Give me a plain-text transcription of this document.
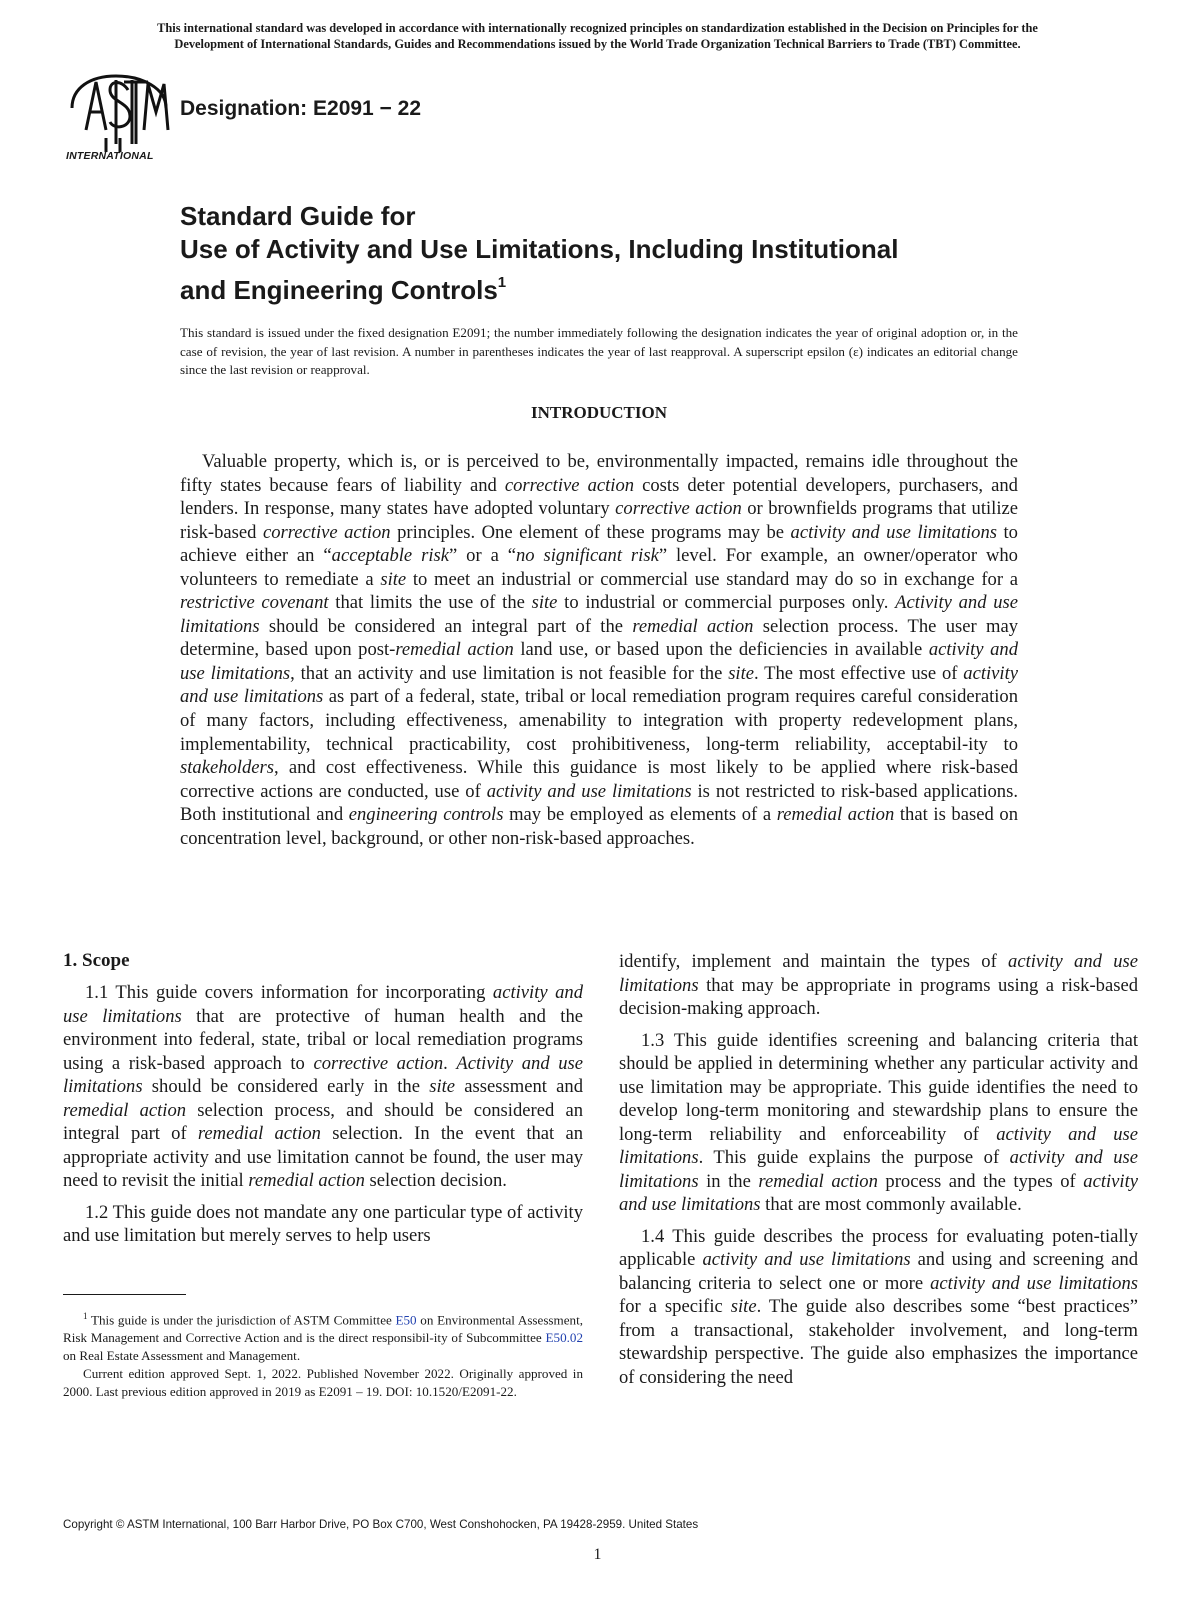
This international standard was developed in accordance with internationally recognized principles on standardization established in the Decision on Principles for the
Development of International Standards, Guides and Recommendations issued by the World Trade Organization Technical Barriers to Trade (TBT) Committee.
INTERNATIONAL
Designation: E2091 − 22
Standard Guide for
Use of Activity and Use Limitations, Including Institutional
and Engineering Controls$^1$
This standard is issued under the fixed designation E2091; the number immediately following the designation indicates the year of original adoption or, in the case of revision, the year of last revision. A number in parentheses indicates the year of last reapproval. A superscript epsilon (ε) indicates an editorial change since the last revision or reapproval.
INTRODUCTION
Valuable property, which is, or is perceived to be, environmentally impacted, remains idle throughout the fifty states because fears of liability and corrective action costs deter potential developers, purchasers, and lenders. In response, many states have adopted voluntary corrective action or brownfields programs that utilize risk-based corrective action principles. One element of these programs may be activity and use limitations to achieve either an “acceptable risk” or a “no significant risk” level. For example, an owner/operator who volunteers to remediate a site to meet an industrial or commercial use standard may do so in exchange for a restrictive covenant that limits the use of the site to industrial or commercial purposes only. Activity and use limitations should be considered an integral part of the remedial action selection process. The user may determine, based upon post-remedial action land use, or based upon the deficiencies in available activity and use limitations, that an activity and use limitation is not feasible for the site. The most effective use of activity and use limitations as part of a federal, state, tribal or local remediation program requires careful consideration of many factors, including effectiveness, amenability to integration with property redevelopment plans, implementability, technical practicability, cost prohibitiveness, long-term reliability, acceptabil-ity to stakeholders, and cost effectiveness. While this guidance is most likely to be applied where risk-based corrective actions are conducted, use of activity and use limitations is not restricted to risk-based applications. Both institutional and engineering controls may be employed as elements of a remedial action that is based on concentration level, background, or other non-risk-based approaches.
1. Scope

1.1 This guide covers information for incorporating activity and use limitations that are protective of human health and the environment into federal, state, tribal or local remediation programs using a risk-based approach to corrective action. Activity and use limitations should be considered early in the site assessment and remedial action selection process, and should be considered an integral part of remedial action selection. In the event that an appropriate activity and use limitation cannot be found, the user may need to revisit the initial remedial action selection decision.

1.2 This guide does not mandate any one particular type of activity and use limitation but merely serves to help users

$^1$ This guide is under the jurisdiction of ASTM Committee E50 on Environmental Assessment, Risk Management and Corrective Action and is the direct responsibil-ity of Subcommittee E50.02 on Real Estate Assessment and Management.

Current edition approved Sept. 1, 2022. Published November 2022. Originally approved in 2000. Last previous edition approved in 2019 as E2091 – 19. DOI: 10.1520/E2091-22.

identify, implement and maintain the types of activity and use limitations that may be appropriate in programs using a risk-based decision-making approach.

1.3 This guide identifies screening and balancing criteria that should be applied in determining whether any particular activity and use limitation may be appropriate. This guide identifies the need to develop long-term monitoring and stewardship plans to ensure the long-term reliability and enforceability of activity and use limitations. This guide explains the purpose of activity and use limitations in the remedial action process and the types of activity and use limitations that are most commonly available.

1.4 This guide describes the process for evaluating poten-tially applicable activity and use limitations and using and screening and balancing criteria to select one or more activity and use limitations for a specific site. The guide also describes some “best practices” from a transactional, stakeholder involvement, and long-term stewardship perspective. The guide also emphasizes the importance of considering the need

Copyright © ASTM International, 100 Barr Harbor Drive, PO Box C700, West Conshohocken, PA 19428-2959. United States
1
